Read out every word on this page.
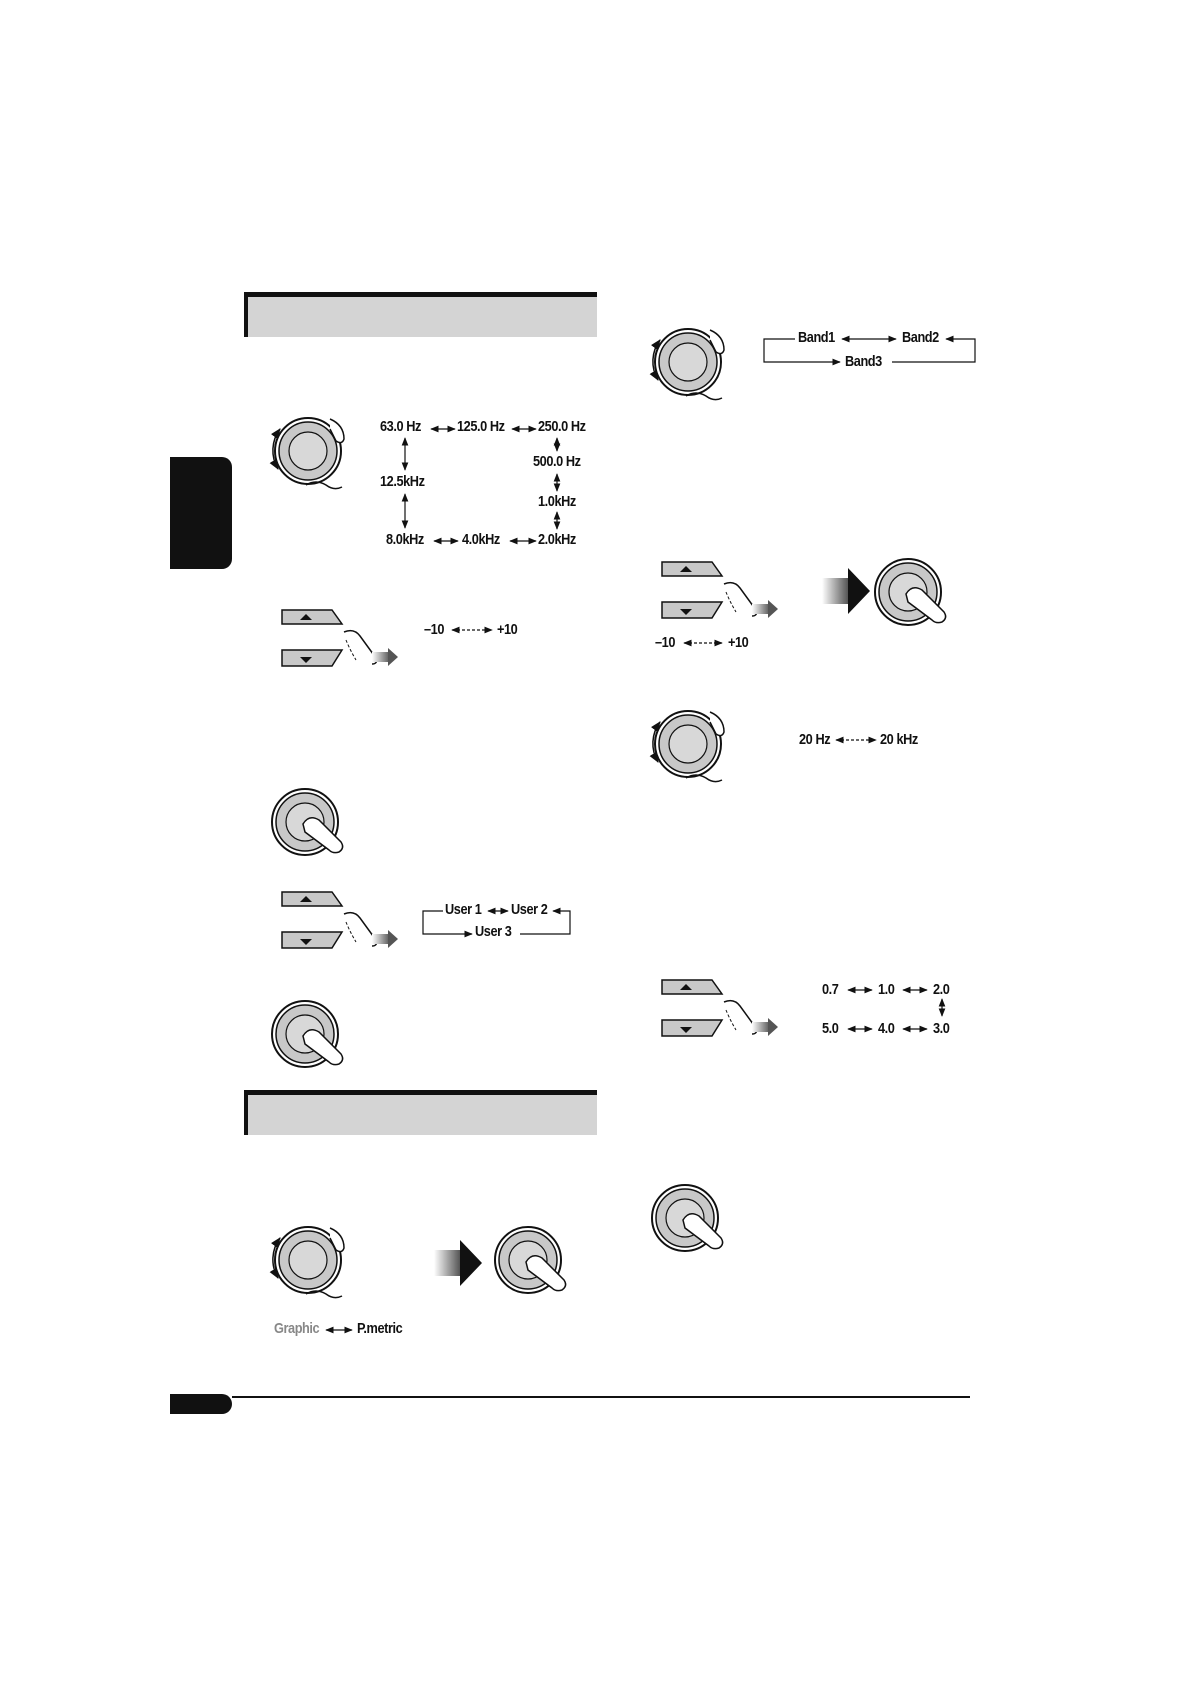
63.0 Hz 125.0 Hz 250.0 Hz
500.0 Hz
1.0kHz
2.0kHz
4.0kHz
8.0kHz
12.5kHz
–10	+10
User 1 User 2
User 3
Graphic	P.metric
Band1	Band2
Band3
–10	+10
20 Hz	20 kHz
0.7	1.0	2.0
3.0
4.0
5.0
